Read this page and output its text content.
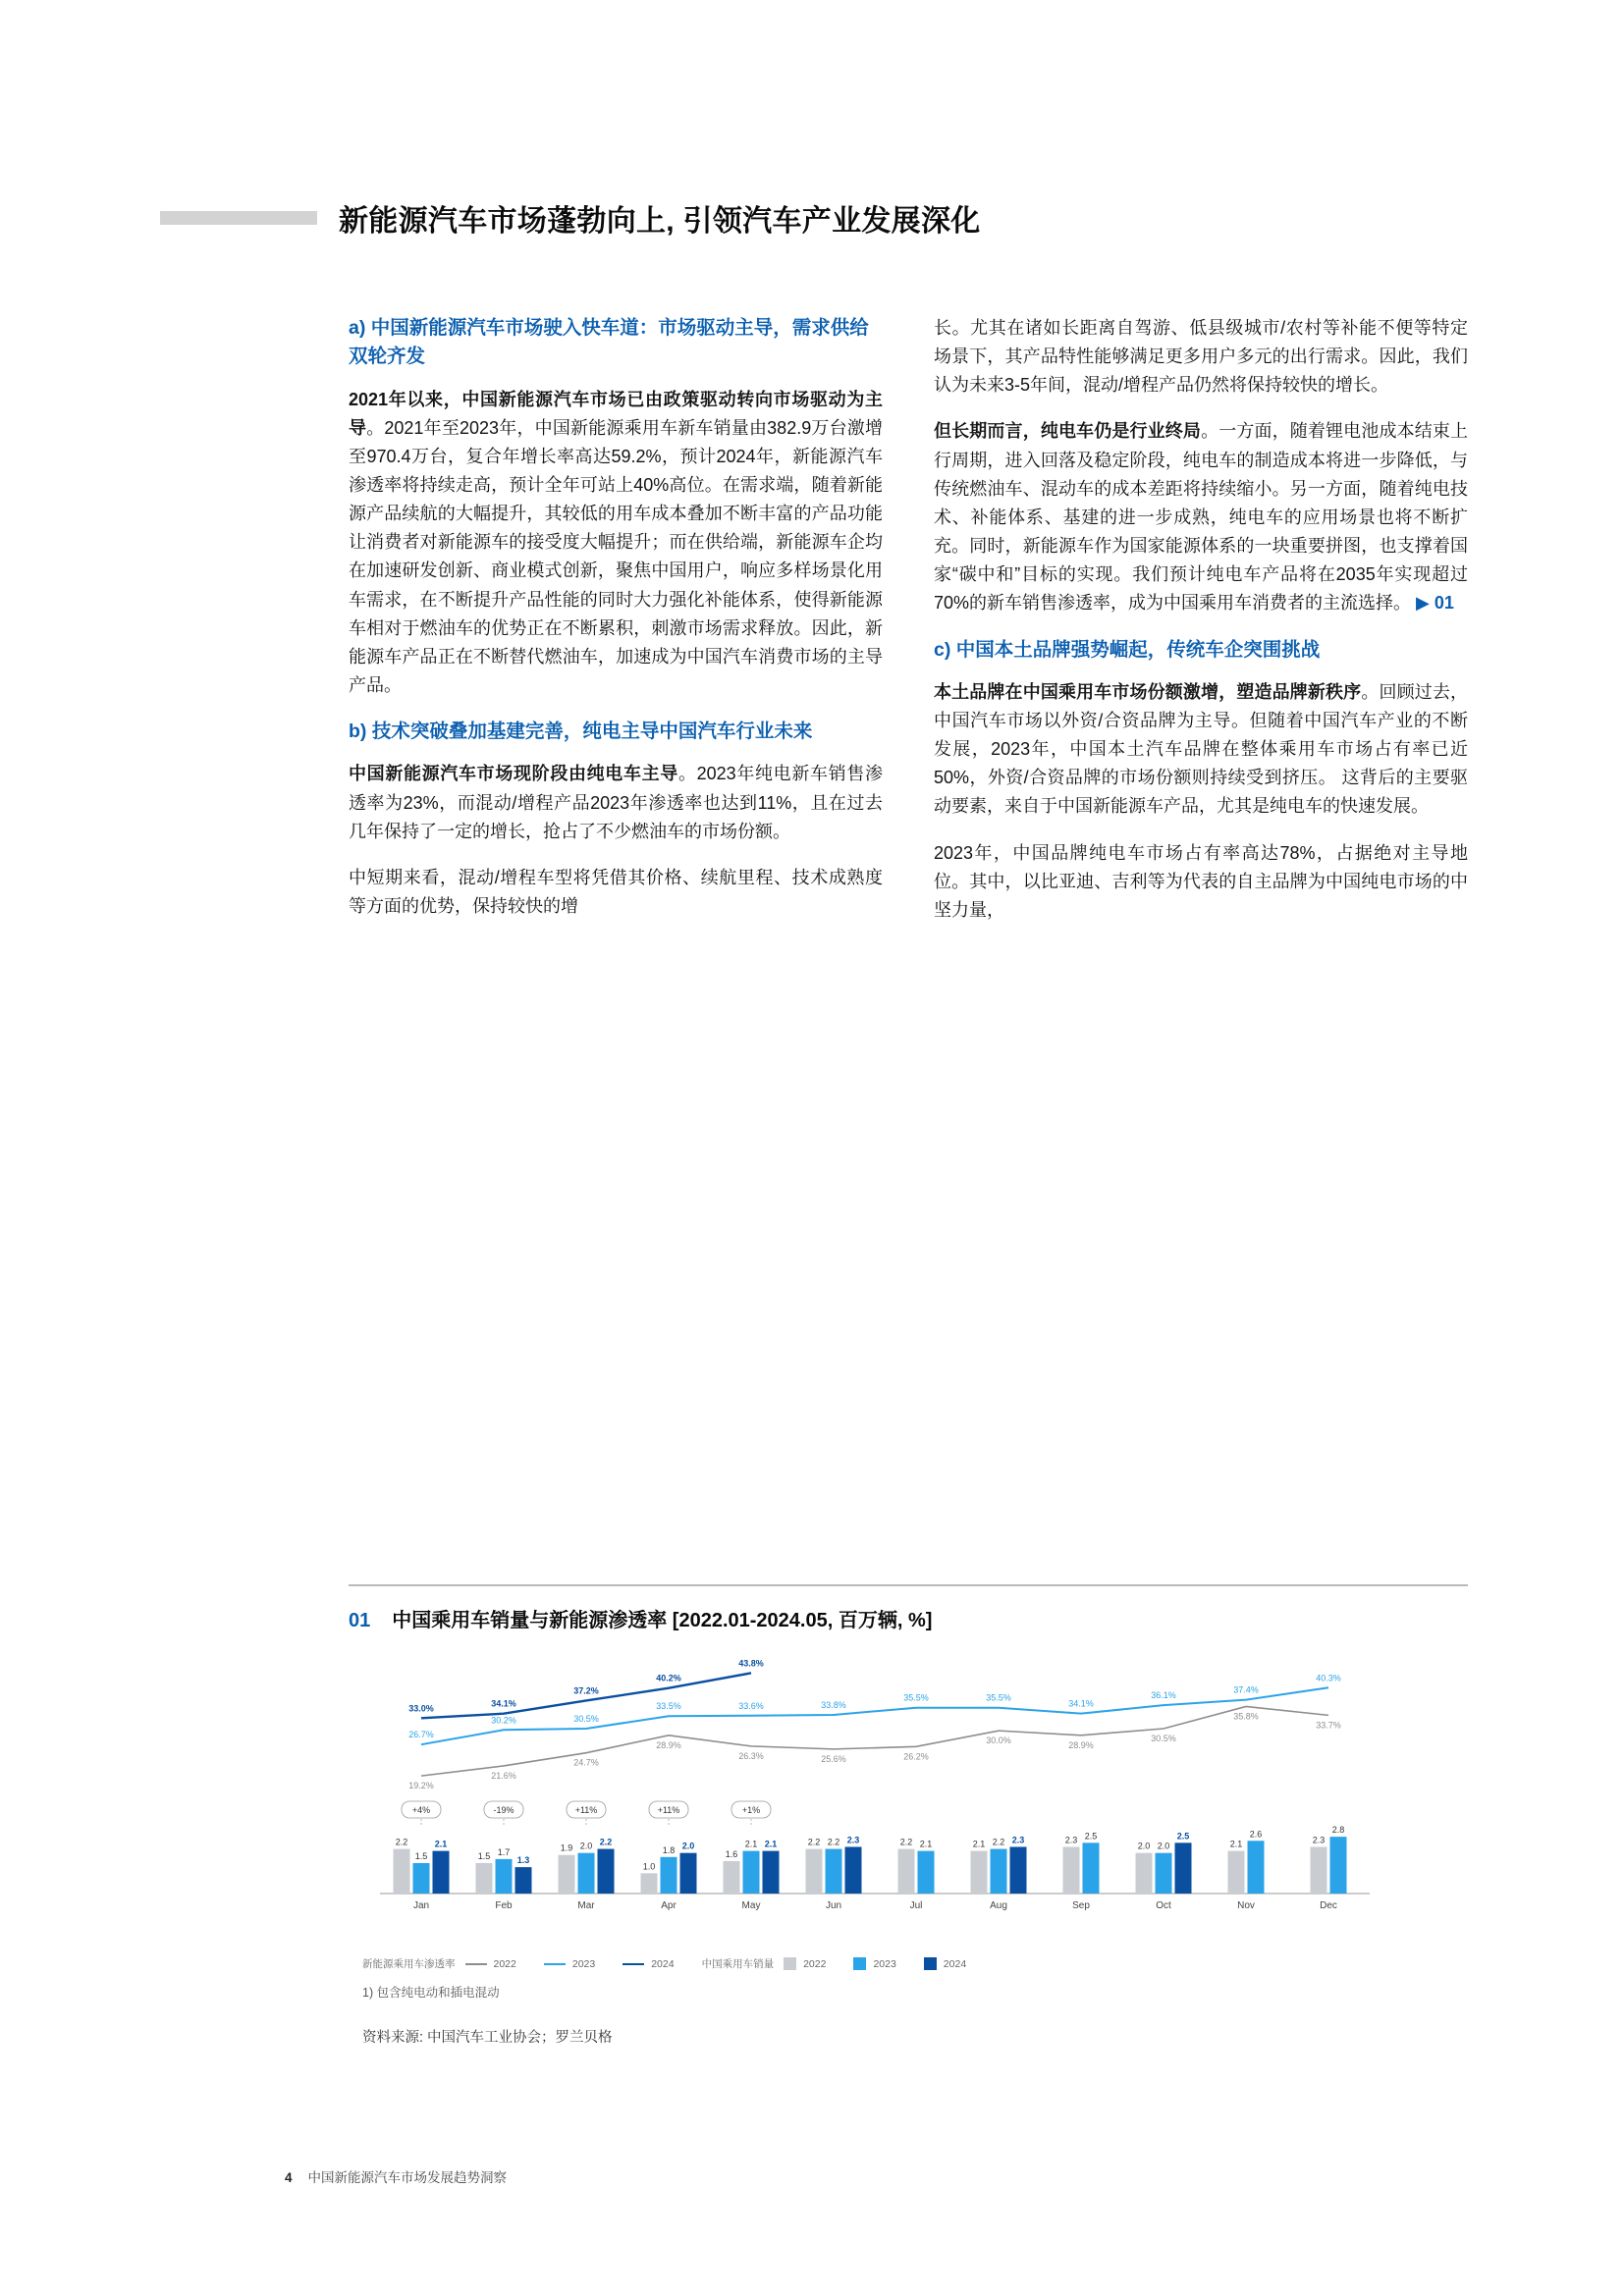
新能源汽车市场蓬勃向上, 引领汽车产业发展深化
a) 中国新能源汽车市场驶入快车道：市场驱动主导，需求供给双轮齐发

2021年以来，中国新能源汽车市场已由政策驱动转向市场驱动为主导。2021年至2023年，中国新能源乘用车新车销量由382.9万台激增至970.4万台，复合年增长率高达59.2%，预计2024年，新能源汽车渗透率将持续走高，预计全年可站上40%高位。在需求端，随着新能源产品续航的大幅提升，其较低的用车成本叠加不断丰富的产品功能让消费者对新能源车的接受度大幅提升；而在供给端，新能源车企均在加速研发创新、商业模式创新，聚焦中国用户，响应多样场景化用车需求，在不断提升产品性能的同时大力强化补能体系，使得新能源车相对于燃油车的优势正在不断累积，刺激市场需求释放。因此，新能源车产品正在不断替代燃油车，加速成为中国汽车消费市场的主导产品。

b) 技术突破叠加基建完善，纯电主导中国汽车行业未来

中国新能源汽车市场现阶段由纯电车主导。2023年纯电新车销售渗透率为23%，而混动/增程产品2023年渗透率也达到11%，且在过去几年保持了一定的增长，抢占了不少燃油车的市场份额。

中短期来看，混动/增程车型将凭借其价格、续航里程、技术成熟度等方面的优势，保持较快的增

长。尤其在诸如长距离自驾游、低县级城市/农村等补能不便等特定场景下，其产品特性能够满足更多用户多元的出行需求。因此，我们认为未来3-5年间，混动/增程产品仍然将保持较快的增长。

但长期而言，纯电车仍是行业终局。一方面，随着锂电池成本结束上行周期，进入回落及稳定阶段，纯电车的制造成本将进一步降低，与传统燃油车、混动车的成本差距将持续缩小。另一方面，随着纯电技术、补能体系、基建的进一步成熟，纯电车的应用场景也将不断扩充。同时，新能源车作为国家能源体系的一块重要拼图，也支撑着国家“碳中和”目标的实现。我们预计纯电车产品将在2035年实现超过70%的新车销售渗透率，成为中国乘用车消费者的主流选择。 ▶ 01

c) 中国本土品牌强势崛起，传统车企突围挑战

本土品牌在中国乘用车市场份额激增，塑造品牌新秩序。回顾过去，中国汽车市场以外资/合资品牌为主导。但随着中国汽车产业的不断发展，2023年，中国本土汽车品牌在整体乘用车市场占有率已近50%，外资/合资品牌的市场份额则持续受到挤压。 这背后的主要驱动要素，来自于中国新能源车产品，尤其是纯电车的快速发展。

2023年，中国品牌纯电车市场占有率高达78%，占据绝对主导地位。其中，以比亚迪、吉利等为代表的自主品牌为中国纯电市场的中坚力量，

01 中国乘用车销量与新能源渗透率 [2022.01-2024.05, 百万辆, %]
2.2
1.5
2.1
Jan
1.5 1.7
1.3
Feb
1.9 2.0 2.2
Mar
1.0
1.8 2.0
Apr
1.6
2.1 2.1
May
2.2 2.2 2.3
Jun
2.2 2.1
Jul
2.1 2.2 2.3
Aug
2.3 2.5
Sep
2.0 2.0
2.5
Oct
2.1
2.6
Nov
2.3
2.8
Dec
+4%	-19%	+11%	+11%	+1%
19.2%
21.6%
24.7%
28.9%
26.3%	25.6%	26.2%
30.0%	28.9%
30.5%
35.8%
33.7%
26.7%
30.2%	30.5%
33.5%	33.6%	33.8%
35.5%	35.5%
34.1%
36.1%
37.4%
40.3%
33.0%	34.1%
37.2%
40.2%
43.8%
新能源乘用车渗透率	2022	2023	2024	中国乘用车销量	2022	2023	2024
1) 包含纯电动和插电混动
资料来源: 中国汽车工业协会；罗兰贝格
4 中国新能源汽车市场发展趋势洞察
